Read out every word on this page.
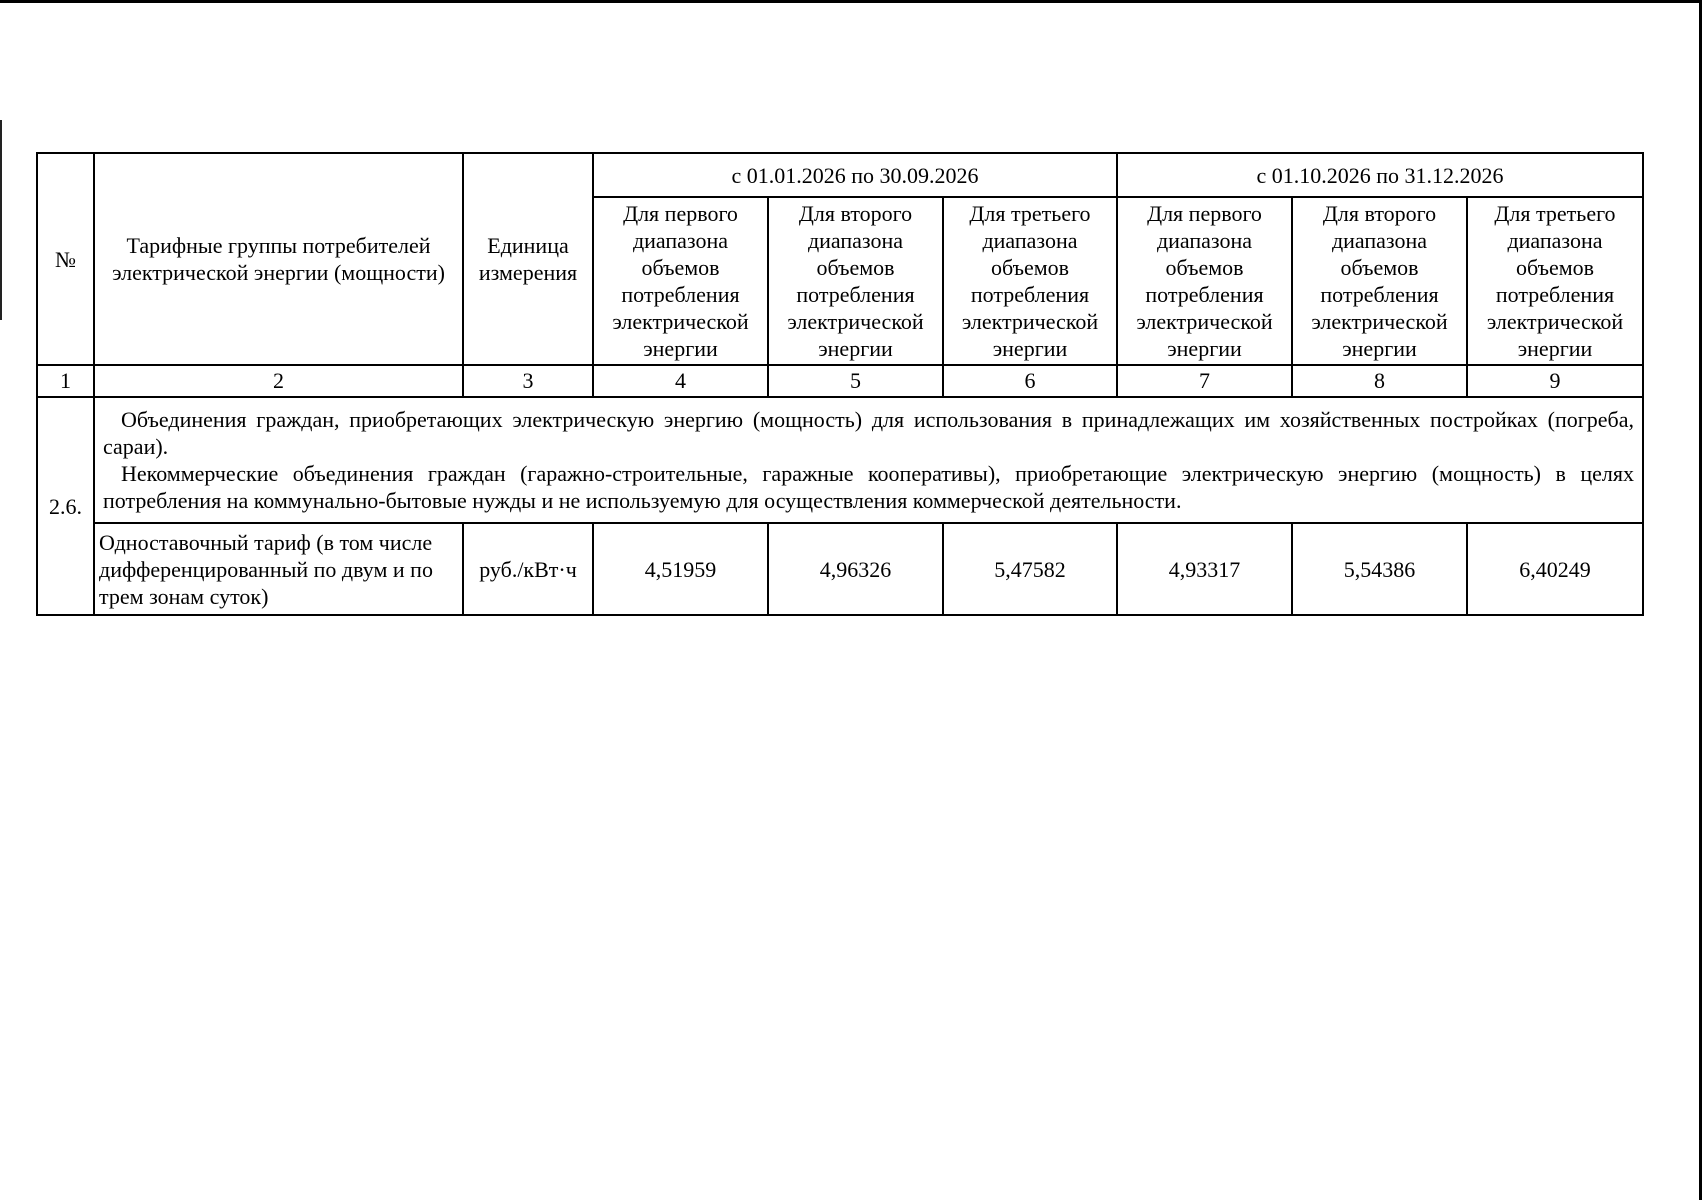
№	Тарифные группы потребителей электрической энергии (мощности)	Единица измерения	с 01.01.2026 по 30.09.2026			с 01.10.2026 по 31.12.2026		
			Для первого диапазона объемов потребления электрической энергии	Для второго диапазона объемов потребления электрической энергии	Для третьего диапазона объемов потребления электрической энергии	Для первого диапазона объемов потребления электрической энергии	Для второго диапазона объемов потребления электрической энергии	Для третьего диапазона объемов потребления электрической энергии
1	2	3	4	5	6	7	8	9
2.6.	Объединения граждан, приобретающих электрическую энергию (мощность) для использования в принадлежащих им хозяйственных постройках (погреба, сараи).

Некоммерческие объединения граждан (гаражно-строительные, гаражные кооперативы), приобретающие электрическую энергию (мощность) в целях потребления на коммунально-бытовые нужды и не используемую для осуществления коммерческой деятельности.							

	Одноставочный тариф (в том числе дифференцированный по двум и по трем зонам суток)	руб./кВт·ч	4,51959	4,96326	5,47582	4,93317	5,54386	6,40249
